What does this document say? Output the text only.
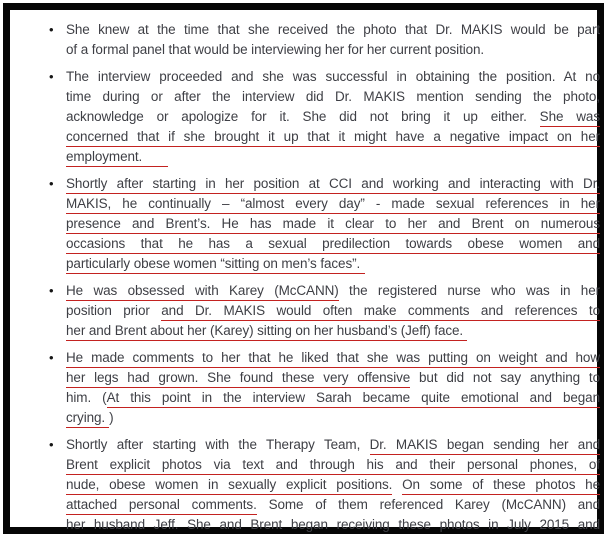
• She knew at the time that she received the photo that Dr. MAKIS would be part
of a formal panel that would be interviewing her for her current position.
• The interview proceeded and she was successful in obtaining the position. At no
time during or after the interview did Dr. MAKIS mention sending the photo,
acknowledge or apologize for it. She did not bring it up either. She was
concerned that if she brought it up that it might have a negative impact on her
employment.
• Shortly after starting in her position at CCI and working and interacting with Dr.
MAKIS, he continually – “almost every day” - made sexual references in her
presence and Brent’s. He has made it clear to her and Brent on numerous
occasions that he has a sexual predilection towards obese women and
particularly obese women “sitting on men’s faces”.
• He was obsessed with Karey (McCANN) the registered nurse who was in her
position prior and Dr. MAKIS would often make comments and references to
her and Brent about her (Karey) sitting on her husband’s (Jeff) face.
• He made comments to her that he liked that she was putting on weight and how
her legs had grown. She found these very offensive but did not say anything to
him. (At this point in the interview Sarah became quite emotional and began
crying. )
• Shortly after starting with the Therapy Team, Dr. MAKIS began sending her and
Brent explicit photos via text and through his and their personal phones, of
nude, obese women in sexually explicit positions. On some of these photos he
attached personal comments. Some of them referenced Karey (McCANN) and
her husband Jeff. She and Brent began receiving these photos in July 2015 and
